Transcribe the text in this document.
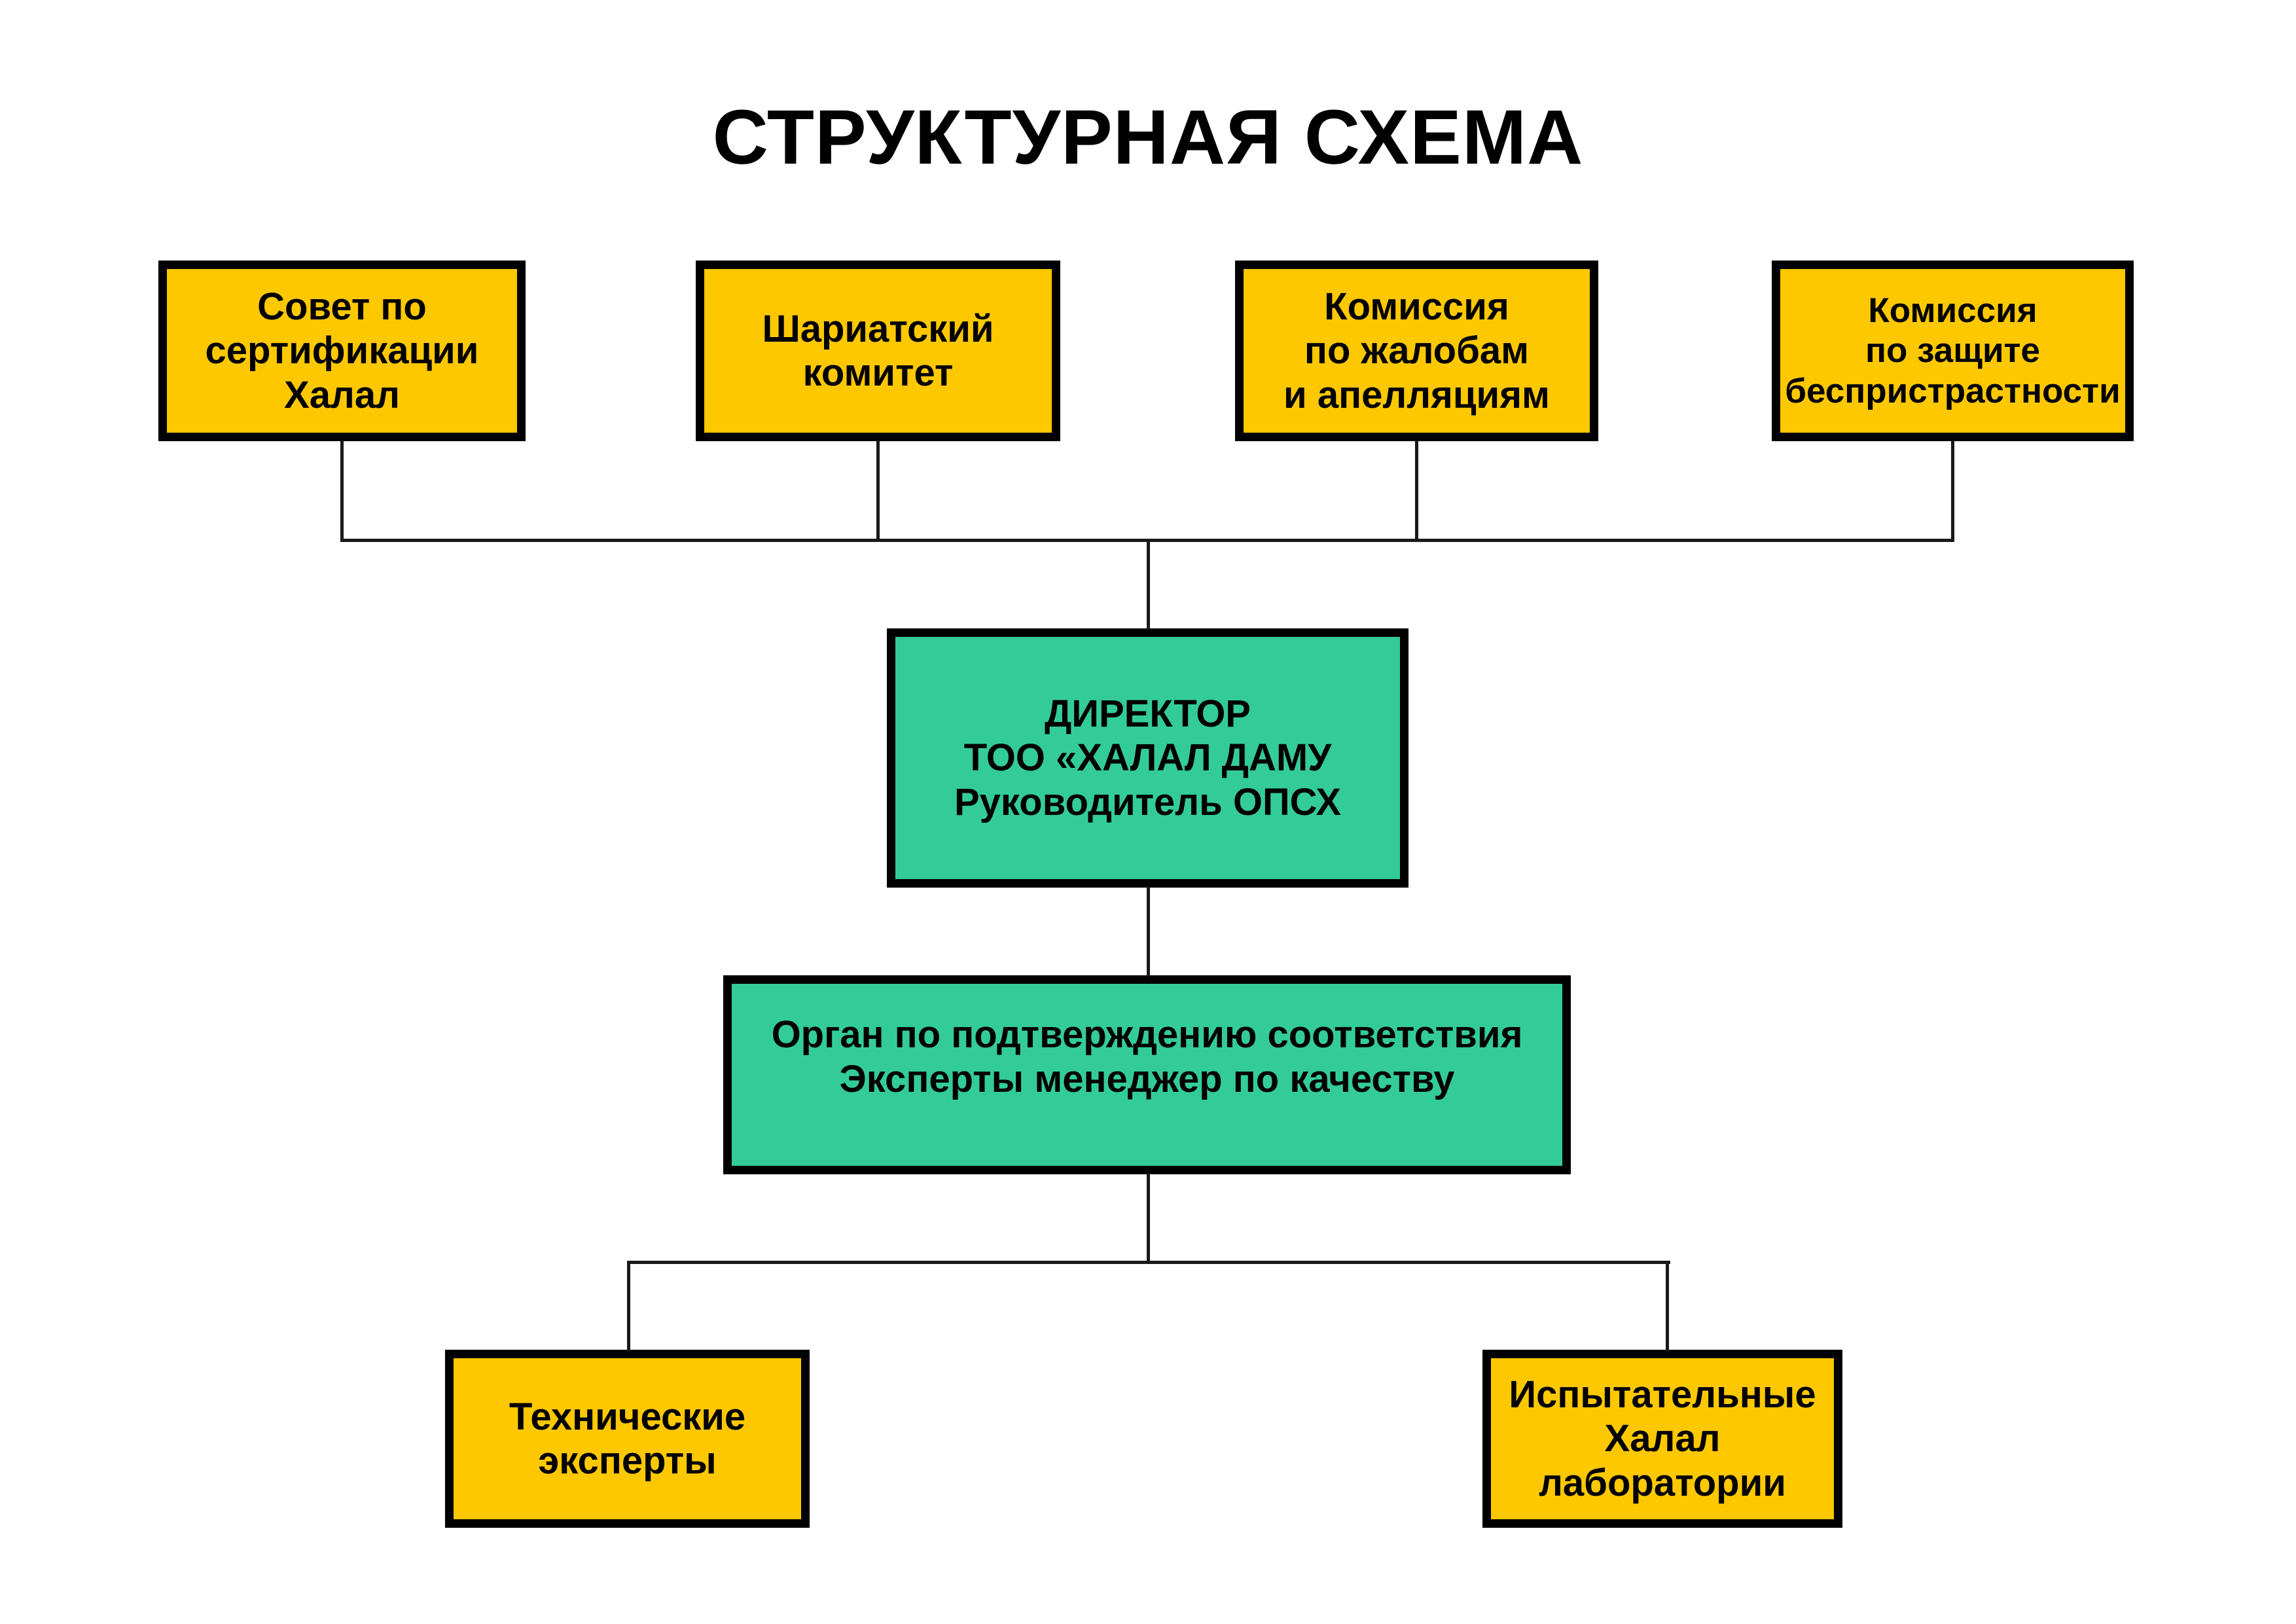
СТРУКТУРНАЯ СХЕМА
Совет по
сертификации
Халал
Шариатский
комитет
Комиссия
по жалобам
и апелляциям
Комиссия
по защите
беспристрастности
ДИРЕКТОР
ТОО «ХАЛАЛ ДАМУ
Руководитель ОПСХ
Орган по подтверждению соответствия
Эксперты менеджер по качеству
Технические
эксперты
Испытательные
Халал
лаборатории
